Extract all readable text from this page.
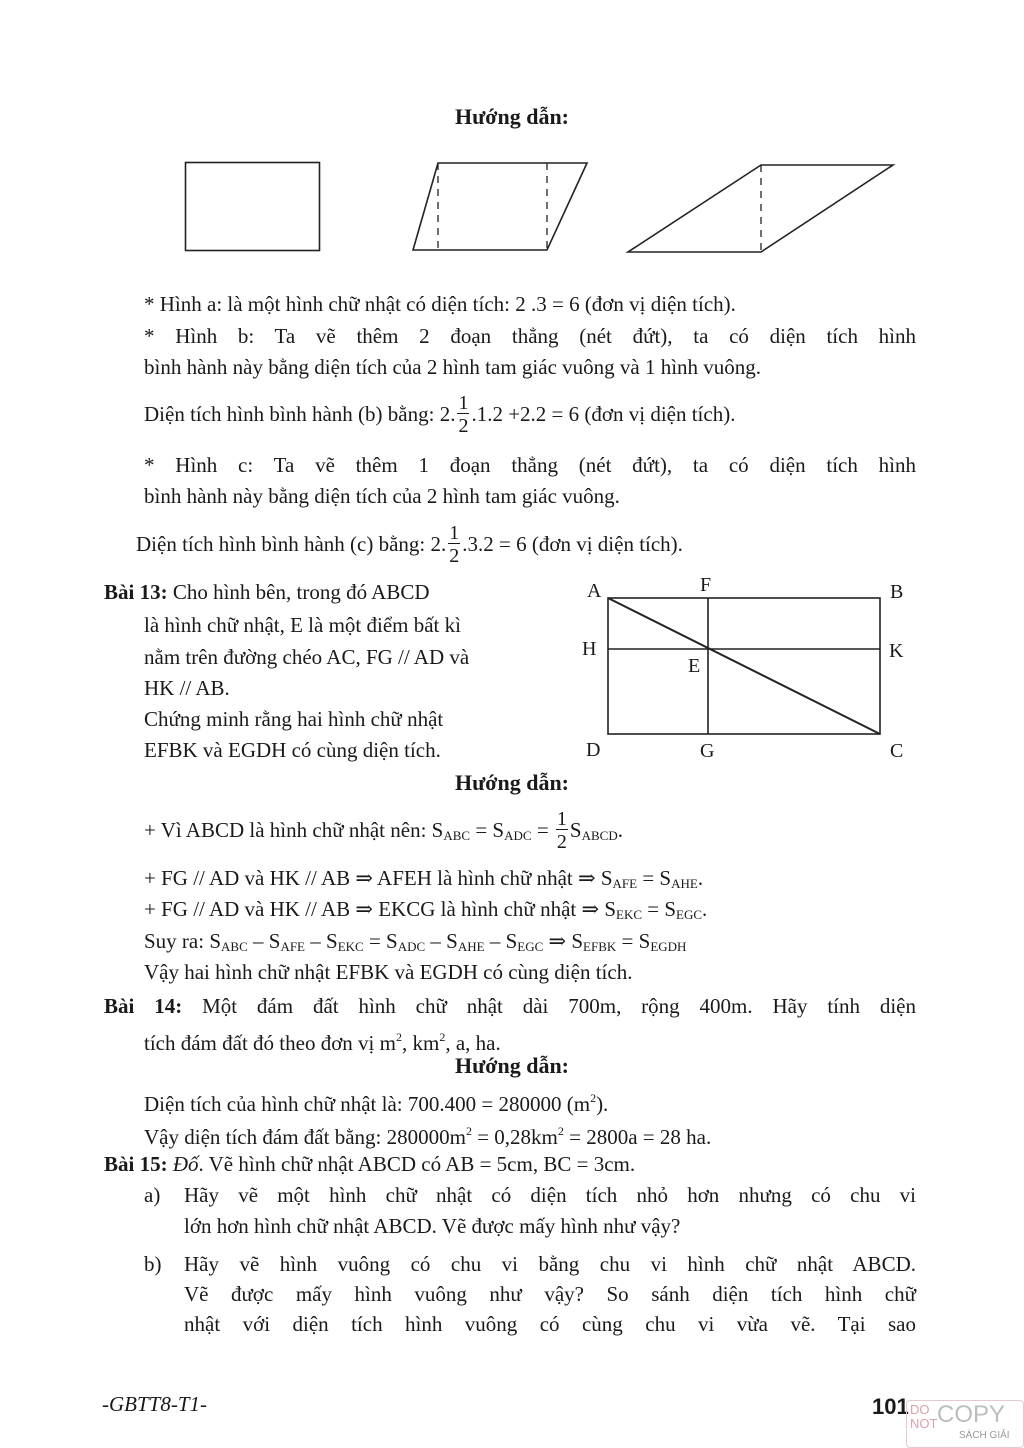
Hướng dẫn:
* Hình a: là một hình chữ nhật có diện tích: 2 .3 = 6 (đơn vị diện tích).
* Hình b: Ta vẽ thêm 2 đoạn thẳng (nét đứt), ta có diện tích hình
bình hành này bằng diện tích của 2 hình tam giác vuông và 1 hình vuông.
Diện tích hình bình hành (b) bằng: 2. $\frac{1}{2} .1.2 +2.2 = 6$ (đơn vị diện tích).
* Hình c: Ta vẽ thêm 1 đoạn thẳng (nét đứt), ta có diện tích hình
bình hành này bằng diện tích của 2 hình tam giác vuông.
Diện tích hình bình hành (c) bằng: 2. $\frac{1}{2} .3.2 = 6$ (đơn vị diện tích).
Bài 13: Cho hình bên, trong đó ABCD
là hình chữ nhật, E là một điểm bất kì
nằm trên đường chéo AC, FG // AD và
HK // AB.
Chứng minh rằng hai hình chữ nhật
EFBK và EGDH có cùng diện tích.
A	F	B
H	K
E
D	G	C
Hướng dẫn:
+ Vì ABCD là hình chữ nhật nên: $S_{ABC} = S_{ADC} = \frac{1}{2} S_{ABCD}$.
+ FG // AD và HK // AB ⇒ AFEH là hình chữ nhật ⇒ $S_{AFE} = S_{AHE}$.
+ FG // AD và HK // AB ⇒ EKCG là hình chữ nhật ⇒ $S_{EKC} = S_{EGC}$.
Suy ra: $S_{ABC} - S_{AFE} - S_{EKC} = S_{ADC} - S_{AHE} - S_{EGC}$ ⇒ $S_{EFBK} = S_{EGDH}$
Vậy hai hình chữ nhật EFBK và EGDH có cùng diện tích.
Bài 14: Một đám đất hình chữ nhật dài 700m, rộng 400m. Hãy tính diện
tích đám đất đó theo đơn vị $m^2$, $km^2$, a, ha.
Hướng dẫn:
Diện tích của hình chữ nhật là: 700.400 = 280000 $(m^2)$.
Vậy diện tích đám đất bằng: $280000m^2 = 0,28km^2 = 2800a = 28$ ha.
Bài 15: Đố. Vẽ hình chữ nhật ABCD có AB = 5cm, BC = 3cm.
a) Hãy vẽ một hình chữ nhật có diện tích nhỏ hơn nhưng có chu vi
lớn hơn hình chữ nhật ABCD. Vẽ được mấy hình như vậy?
b) Hãy vẽ hình vuông có chu vi bằng chu vi hình chữ nhật ABCD.
Vẽ được mấy hình vuông như vậy? So sánh diện tích hình chữ
nhật với diện tích hình vuông có cùng chu vi vừa vẽ. Tại sao
-GBTT8-T1-	101 DO
NOT COPY
SÁCH GIẢI
